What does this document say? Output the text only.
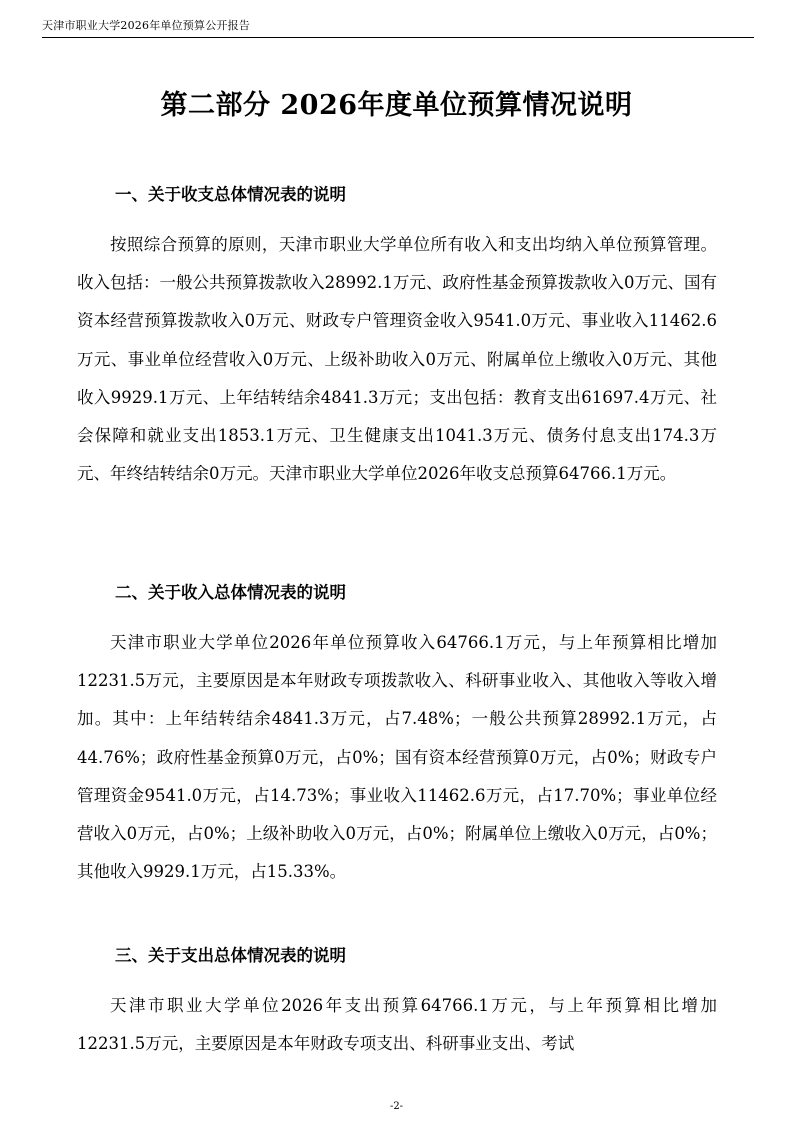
天津市职业大学2026年单位预算公开报告
第二部分 2026年度单位预算情况说明
一、关于收支总体情况表的说明

按照综合预算的原则，天津市职业大学单位所有收入和支出均纳入单位预算管理。收入包括：一般公共预算拨款收入28992.1万元、政府性基金预算拨款收入0万元、国有资本经营预算拨款收入0万元、财政专户管理资金收入9541.0万元、事业收入11462.6万元、事业单位经营收入0万元、上级补助收入0万元、附属单位上缴收入0万元、其他收入9929.1万元、上年结转结余4841.3万元；支出包括：教育支出61697.4万元、社会保障和就业支出1853.1万元、卫生健康支出1041.3万元、债务付息支出174.3万元、年终结转结余0万元。天津市职业大学单位2026年收支总预算64766.1万元。

二、关于收入总体情况表的说明

天津市职业大学单位2026年单位预算收入64766.1万元，与上年预算相比增加12231.5万元，主要原因是本年财政专项拨款收入、科研事业收入、其他收入等收入增加。其中：上年结转结余4841.3万元，占7.48%；一般公共预算28992.1万元，占44.76%；政府性基金预算0万元，占0%；国有资本经营预算0万元，占0%；财政专户管理资金9541.0万元，占14.73%；事业收入11462.6万元，占17.70%；事业单位经营收入0万元，占0%；上级补助收入0万元，占0%；附属单位上缴收入0万元，占0%；其他收入9929.1万元，占15.33%。

三、关于支出总体情况表的说明

天津市职业大学单位2026年支出预算64766.1万元，与上年预算相比增加12231.5万元，主要原因是本年财政专项支出、科研事业支出、考试

-2-
